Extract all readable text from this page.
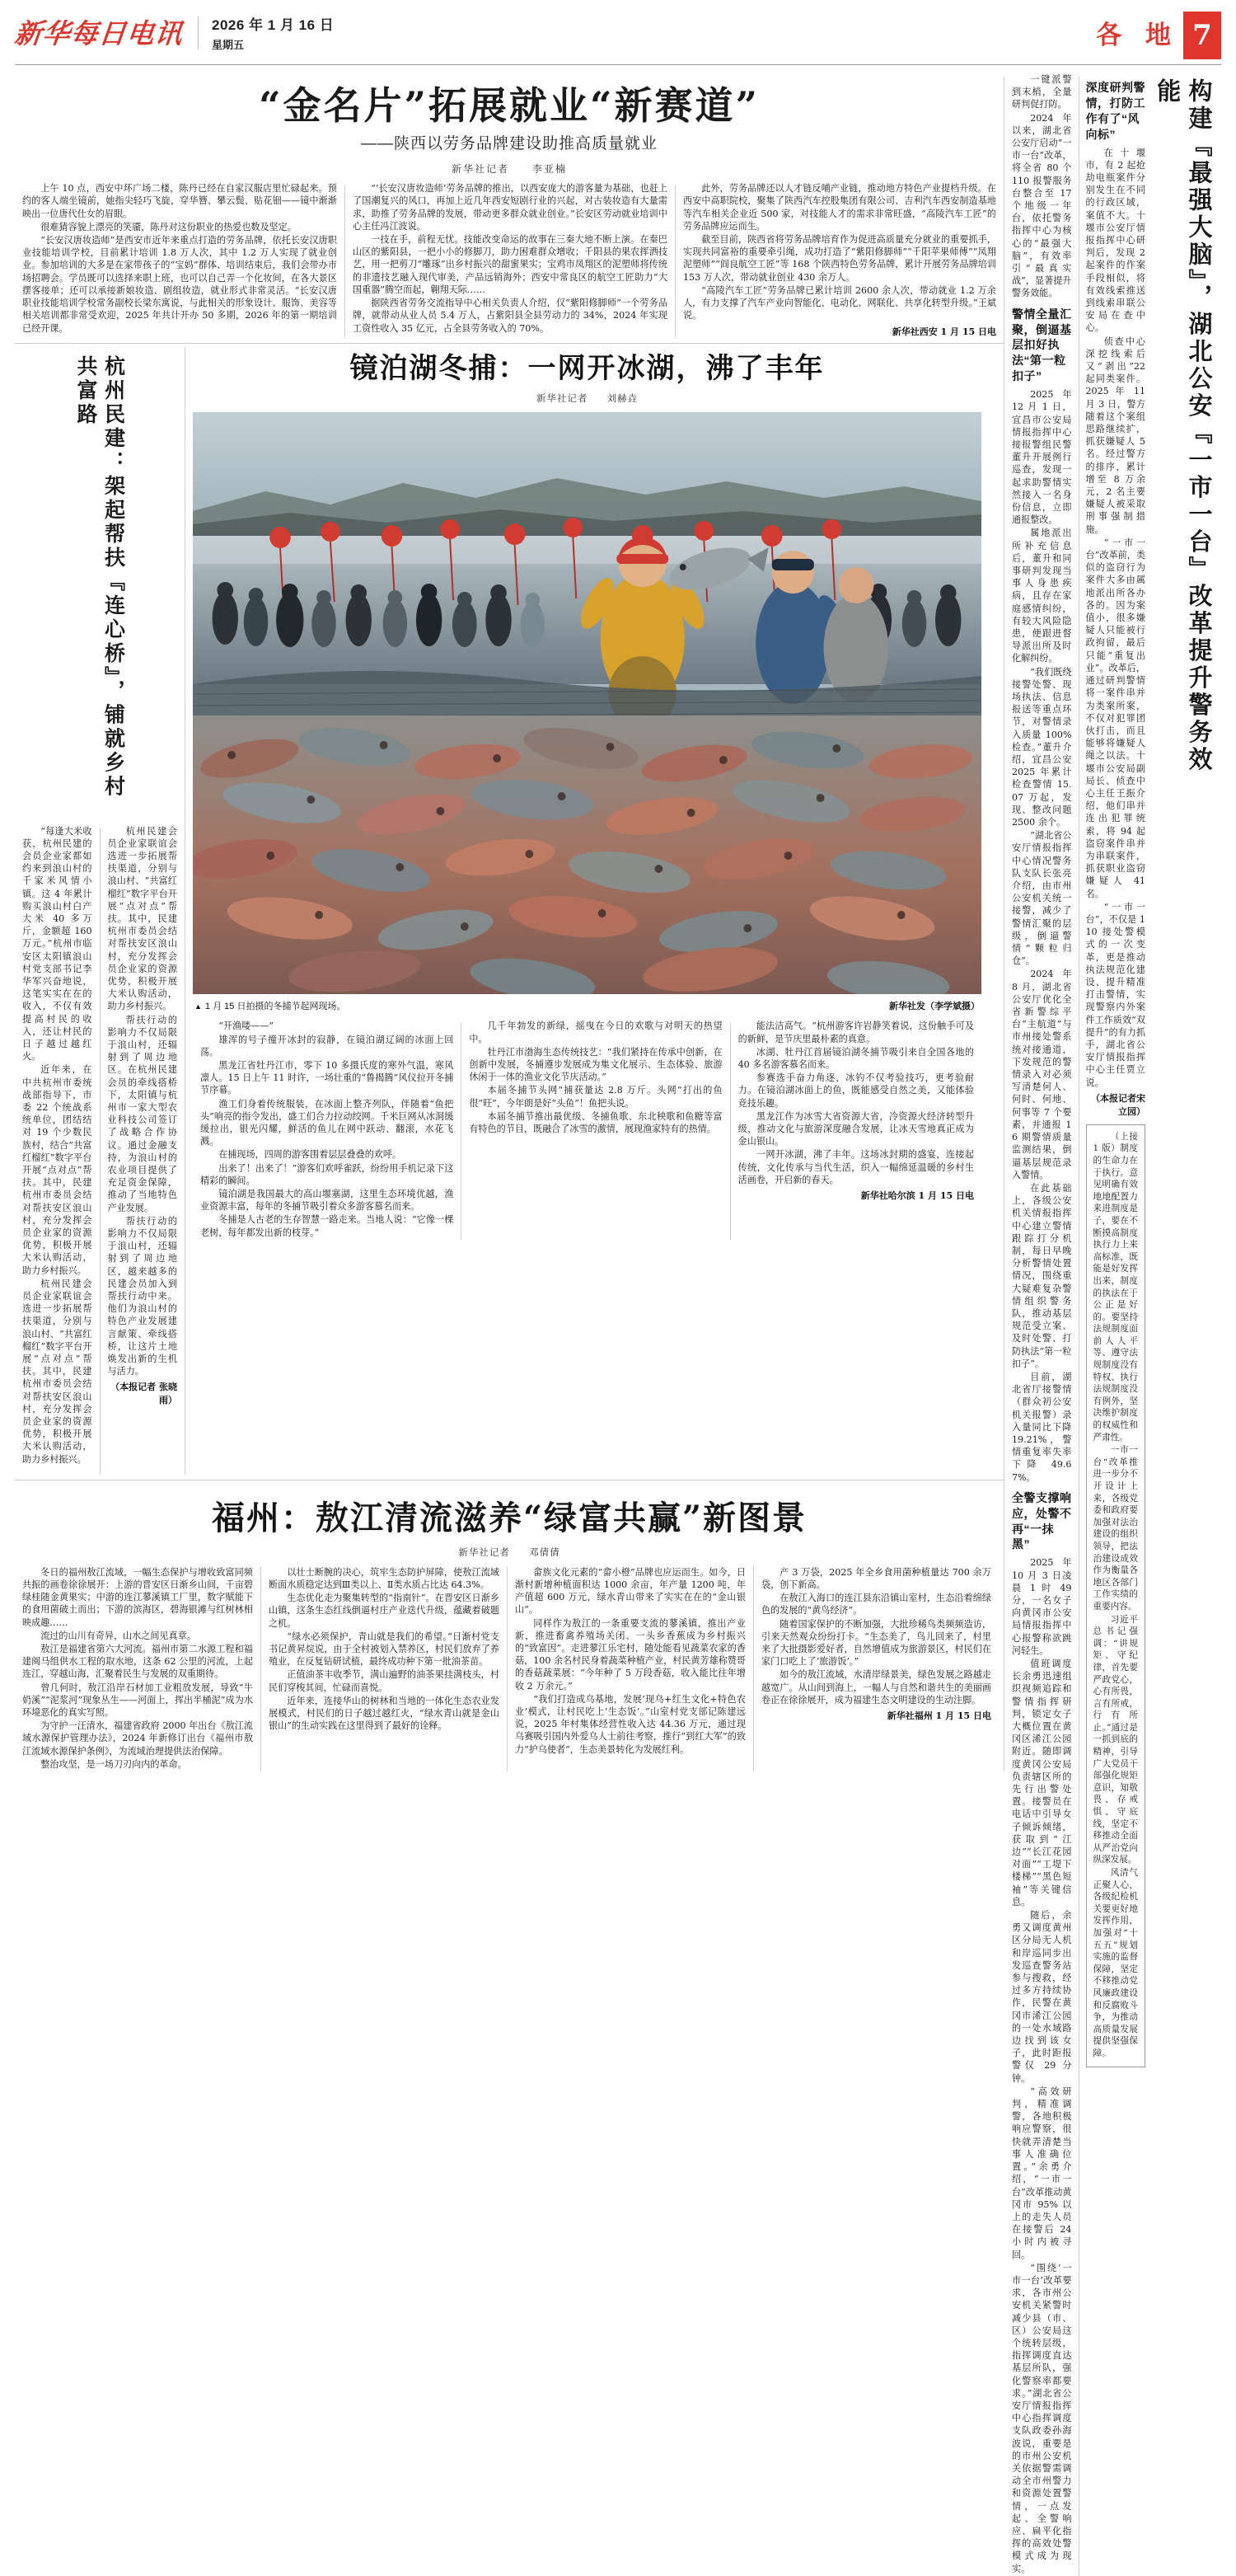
新华每日电讯 2026 年 1 月 16 日
星期五	各 地 7
“金名片”拓展就业“新赛道”
——陕西以劳务品牌建设助推高质量就业
新华社记者 李亚楠

上午 10 点，西安中环广场二楼，陈丹已经在自家汉服店里忙碌起来。预约的客人端坐镜前，她指尖轻巧飞旋，穿华簪、攀云鬓、贴花钿——镜中渐渐映出一位唐代仕女的眉眼。

很难猜容貌上漂亮的笑靥，陈丹对这份职业的热爱也数及坚定。

“长安汉唐妆造师”是西安市近年来重点打造的劳务品牌，依托长安汉唐职业技能培训学校，目前累计培训 1.8 万人次，其中 1.2 万人实现了就业创业。参加培训的大多是在家带孩子的“宝妈”群体、培训结束后，我们会带办市场招聘会。学员既可以选择来职上班，也可以自己弄一个化妆间，在各大景区摆客接单；还可以承接新娘妆造、剧组妆造，就业形式非常灵活。“长安汉唐职业技能培训学校常务副校长梁东寓说，与此相关的形象设计、服饰、美容等相关培训都非常受欢迎，2025 年共计开办 50 多期，2026 年的第一期培训已经开课。

“‘长安汉唐妆造师’劳务品牌的推出，以西安庞大的游客量为基础，也赶上了国潮复兴的风口，再加上近几年西安短剧行业的兴起，对古装妆造有大量需求，助推了劳务品牌的发展，带动更多群众就业创业。”长安区劳动就业培训中心主任冯江波说。

一技在手，前程无忧。技能改变命运的故事在三秦大地不断上演。在秦巴山区的紫阳县，一把小小的修脚刀，助力困难群众增收；千阳县的果农挥洒技艺，用一把剪刀“雕琢”出乡村振兴的甜蜜果实；宝鸡市凤翔区的泥塑师将传统的非遗技艺融入现代审美，产品远销海外；西安中常良区的航空工匠助力“大国重器”腾空而起，翱翔天际……

据陕西省劳务交流指导中心相关负责人介绍，仅“紫阳修脚师”一个劳务品牌，就带动从业人员 5.4 万人，占紫阳县全县劳动力的 34%，2024 年实现工资性收入 35 亿元，占全县劳务收入的 70%。

此外，劳务品牌还以人才链反哺产业链，推动地方特色产业提档升级。在西安中高职院校，聚集了陕西汽车控股集团有限公司、吉利汽车西安制造基地等汽车相关企业近 500 家，对技能人才的需求非常旺盛，“高陵汽车工匠”的劳务品牌应运而生。

截至目前，陕西省将劳务品牌培育作为促进高质量充分就业的重要抓手，实现共同富裕的重要牵引绳，成功打造了“紫阳修脚师”“千阳苹果师傅”“凤翔泥塑师”“阎良航空工匠”等 168 个陕西特色劳务品牌，累计开展劳务品牌培训 153 万人次，带动就业创业 430 余万人。

“高陵汽车工匠”劳务品牌已累计培训 2600 余人次，带动就业 1.2 万余人，有力支撑了汽车产业向智能化、电动化、网联化、共享化转型升级。”王斌说。

新华社西安 1 月 15 日电
杭州民建：架起帮扶『连心桥』，铺就乡村共富路

“每逢大米收获，杭州民建的会员企业家都如约来到浪山村的千家米风情小镇。这 4 年累计购买浪山村白产大米 40 多万斤，金额超 160 万元。”杭州市临安区太阳镇浪山村党支部书记李华军兴奋地说，这笔实实在在的收入，不仅有效提高村民的收入，还让村民的日子越过越红火。

近年来，在中共杭州市委统战部指导下，市委 22 个统战系统单位，团结结对 19 个少数民族村，结合“共富红榴红”数字平台开展“点对点”帮扶。其中，民建杭州市委员会结对帮扶安区浪山村，充分发挥会员企业家的资源优势，积极开展大米认购活动，助力乡村振兴。

杭州民建会员企业家联谊会选进一步拓展帮扶渠道，分别与浪山村、“共富红榴红”数字平台开展“点对点”帮扶。其中，民建杭州市委员会结对帮扶安区浪山村，充分发挥会员企业家的资源优势，积极开展大米认购活动，助力乡村振兴。

杭州民建会员企业家联谊会选进一步拓展帮扶渠道，分别与浪山村、“共富红榴红”数字平台开展“点对点”帮扶。其中，民建杭州市委员会结对帮扶安区浪山村，充分发挥会员企业家的资源优势，积极开展大米认购活动，助力乡村振兴。

帮扶行动的影响力不仅局限于浪山村，还辐射到了周边地区。在杭州民建会员的牵线搭桥下，太阳镇与杭州市一家大型农业科技公司签订了战略合作协议。通过金融支持，为浪山村的农业项目提供了充足资金保障，推动了当地特色产业发展。

帮扶行动的影响力不仅局限于浪山村，还辐射到了周边地区，越来越多的民建会员加入到帮扶行动中来。他们为浪山村的特色产业发展建言献策、牵线搭桥，让这片土地焕发出新的生机与活力。

（本报记者 张晓雨）
镜泊湖冬捕：一网开冰湖，沸了丰年
新华社记者 刘赫垚
▲ 1 月 15 日拍摄的冬捕节起网现场。	新华社发（李学斌摄）

“开渔喽——”

雄浑的号子撞开冰封的寂静，在镜泊湖辽阔的冰面上回荡。

黑龙江省牡丹江市，零下 10 多摄氏度的寒外气温，寒风凛人。15 日上午 11 时许，一场壮重的“鲁揭腾”风仪拉开冬捕节序幕。

渔工们身着传统服装，在冰面上整齐列队，伴随着“鱼把头”响亮的指令发出，盛工们合力拉动绞网。千米巨网从冰洞缓缓拉出，银光闪耀，鲜活的鱼儿在网中跃动、翻滚，水花飞溅。

在捕现场，四周的游客围着层层叠叠的欢呼。

出来了！出来了！”游客们欢呼雀跃，纷纷用手机记录下这精彩的瞬间。

镜泊湖是我国最大的高山堰塞湖，这里生态环境优越，渔业资源丰富，每年的冬捕节吸引着众多游客慕名而来。

冬捕是人古老的生存智慧一路走来。当地人说：“它像一棵老树，每年都发出新的枝芽。”

几千年勃发的新绿，摇曳在今日的欢歌与对明天的热望中。

牡丹江市渤海生态传统技艺：“我们紧持在传承中创新，在创新中发展，冬捕遵步发展成为集文化展示、生态体验、旅游休闲于一体的渔业文化节庆活动。”

本届冬捕节头网“捕获量达 2.8 万斤。头网”打出的鱼很“旺”，今年朗是好“头鱼”！鱼把头说。

本届冬捕节推出最优级、冬捕鱼歌、东北秧歌和鱼糖等富有特色的节目，既融合了冰雪的激情，展现渔家特有的热情。

能法洁高气。“杭州游客许岩静笑着说，这份触手可及的新鲜，是节庆里最朴素的真意。

冰湖、牡丹江首届镜泊湖冬捕节吸引来自全国各地的 40 多名游客慕名而来。

参赛选手奋力角逐，冰钓不仅考验技巧，更考验耐力。在镜泊湖冰面上的鱼，既能感受自然之美，又能体验竞技乐趣。

黑龙江作为冰雪大省资源大省，冷资源火经济转型升级，推动文化与旅游深度融合发展，让冰天雪地真正成为金山银山。

一网开冰湖，沸了丰年。这场冰封期的盛宴，连接起传统，文化传承与当代生活，织入一幅绵延温暖的乡村生活画卷，开启新的春天。

新华社哈尔滨 1 月 15 日电
福州：敖江清流滋养“绿富共赢”新图景
新华社记者 邓倩倩

冬日的福州敖江流域，一幅生态保护与增收致富同频共振的画卷徐徐展开：上游的晋安区日渐乡山间，千亩碧绿桂随金黄果实；中游的连江蓼溪镇工厂里，数字赋能下的食用菌破土而出；下游的滨海区，碧海银滩与红树林相映成趣……

流过的山川有奇异，山水之间见真章。

敖江是福建省第六大河流。福州市第二水源工程和福建闽马组供水工程的取水地，这条 62 公里的河流，上起连江，穿越山海，汇聚着民生与发展的双重期待。

曾几何时，敖江沿岸石材加工业粗放发展，导致“牛奶溪”“泥浆河”现象丛生——河面上，挥出半桶泥“成为水环境恶化的真实写照。

为守护一汪清水，福建省政府 2000 年出台《敖江流域水源保护管理办法》，2024 年新修订出台《福州市敖江流域水源保护条例》，为流域治理提供法治保障。

整治攻坚，是一场刀刃向内的革命。

以壮士断腕的决心，筑牢生态防护屏障，使敖江流域断面水质稳定达到Ⅲ类以上、Ⅱ类水质占比达 64.3%。

生态优化走为聚集转型的“指南针”。在晋安区日渐乡山镇，这条生态红线倒逼村庄产业迭代升级，蕴藏着破题之机。

“绿水必须保护，青山就是我们的希望。”日渐村党支书记黄昇烷说，由于全村被划入禁养区，村民们放弃了养殖业，在反复钻研试植，最终成功种下第一批油茶苗。

正值油茶丰收季节，满山遍野的油茶果挂满枝头，村民们穿梭其间，忙碌而喜悦。

近年来，连接华山的树林和当地的一体化生态农业发展模式，村民们的日子越过越红火，“绿水青山就是金山银山”的生动实践在这里得到了最好的诠释。

畲族文化元素的“畲小橙”品牌也应运而生。如今，日渐村新增种植面积达 1000 余亩，年产量 1200 吨，年产值超 600 万元，绿水青山带来了实实在在的“金山银山”。

同样作为敖江的一条重要支流的蓼溪镇，推出产业新，推进畜禽养殖场关闭、一头乡香蕉成为乡村振兴的“致富因”。走进蓼江乐宅村，随处能看见蔬菜农家的香菇，100 余名村民身着蔬菜种植产业，村民黄芳雄称赞哥的香菇蔬菜展：“今年种了 5 万段香菇，收入能比往年增收 2 万余元。”

“我们打造成乌基地，发展‘现乌+红生文化+特色农业’模式，让村民吃上‘生态饭’。”山室村党支部记陈建远说，2025 年村集体经营性收入达 44.36 万元，通过现乌赛吸引国内外爱乌人士前往考察，推行“到红大军”的致力“护乌使者”，生态美景转化为发展红利。

产 3 万袋，2025 年全乡食用菌种植量达 700 余万袋，创下新高。

在敖江入海口的连江县东沿镇山室村，生态沿着绵绿色的发展的“黄鸟经济”。

随着国家保护的不断加强，大批珍稀鸟类频频造访，引来天然观众纷纷打卡。“生态美了，鸟儿回来了，村里来了大批摄影爱好者，自然增值成为旅游景区，村民们在家门口吃上了‘旅游饭’。”

如今的敖江流域，水清岸绿景美，绿色发展之路越走越宽广。从山间到海上，一幅人与自然和谐共生的美丽画卷正在徐徐展开，成为福建生态文明建设的生动注脚。

新华社福州 1 月 15 日电

一键派警到末梢，全量研判促打防。

2024 年以来，湖北省公安厅启动“一市一台”改革，将全省 80 个 110 报警服务台整合至 17 个地级一年台，依托警务指挥中心为核心的“最强大脑”，有效率引“最真实战”，显著提升警务效能。

警情全量汇聚，倒逼基层扣好执法“第一粒扣子”

2025 年 12 月 1 日，宜昌市公安局情报指挥中心接报警组民警董升开展例行巡查，发现一起求助警情实然接入一名身份信息，立即通报整改。

属地派出所补充信息后，董升和同事研判发现当事人身患疾病，且存在家庭感情纠纷，有较大风险隐患，便跟进督导派出所及时化解纠纷。

“我们既绕接警处警、现场执法、信息报送等重点环节，对警情录入质量 100% 检查。”董升介绍，宜昌公安 2025 年累计检查警情 15.07 万起，发现、整改问题 2500 余个。

“湖北省公安厅情报指挥中心情况警务队支队长张亮介绍，由市州公安机关统一接警，减少了警情汇聚的层级，倒逼警情“颗粒归仓”。

2024 年 8 月，湖北省公安厅优化全省新警综平台“主航道”与市州接处警系统对接通道，下发规范的警情录入对必须写清楚何人、何时、何地、何事等 7 个要素，并通报 16 期警情质量监测结果，倒逼基层规范录入警情。

在此基础上，各级公安机关情报指挥中心建立警情跟踪打分机制，每日早晚分析警情处置情况，围绕重大疑难复杂警情组织警务队，推动基层规范受立案、及时处警、打防执法“第一粒扣子”。

目前，湖北省厅接警情（群众初公安机关报警）录入量同比下降 19.21%，警情重复率失率下降 49.67%。

全警支撑响应，处警不再“一抹黑”

2025 年 10 月 3 日凌晨 1 时 49 分，一名女子向黄冈市公安局情报指挥中心报警称欲跳河轻生。

值班调度长余勇迅速组织视频追踪和警情指挥研判，锁定女子大概位置在黄冈区浠江公园附近。随即调度黄冈公安局负责辖区所的先行出警处置。接警员在电话中引导女子倾诉倾绪，获取到“江边”“长江花园对面”“工堤下楼梯”“黑色短袖”等关键信息。

随后，余勇又调度黄州区分局无人机和岸巡同步出发巡查警务站参与搜救，经过多方持续协作，民警在黄冈市浠江公园的一处水域路边找到该女子，此时距报警仅 29 分钟。

“高效研判，精准调警，各地积极响应警察，很快就弄清楚当事人准确位置。”余勇介绍，“一市一台”改革推动黄冈市 95% 以上的走失人员在接警后 24 小时内被寻回。

“围绕‘一市一台’改革要求，各市州公安机关紧警时减少县（市、区）公安局这个统转层级，指挥调度直达基层所队，强化警察率都要求。”湖北省公安厅情报指挥中心指挥调度支队政委孙海波说，重要是的市州公安机关依据警需调动全市州警力和资源处置警情，一点发起、全警响应、扁平化指挥的高效处警模式成为现实。

深度研判警情，打防工作有了“风向标”

在十堰市，有 2 起抢劫电瓶案件分别发生在不同的行政区域，案值不大。十堰市公安厅情报指挥中心研判后，发现 2 起案件的作案手段相似，将有效线索推送到线索串联公安局在查中心。

侦查中心深挖线索后又“剥出”22 起同类案件。2025 年 11 月 3 日，警方随着这个案组思路继续扩，抓获嫌疑人 5 名。经过警方的排序，累计增至 8 万余元，2 名主要嫌疑人被采取刑事强制措施。

“一市一台”改革前，类似的盗窃行为案件大多由属地派出所各办各的。因为案值小，很多嫌疑人只能被行政拘留，最后只能“重复出业”。改革后，通过研判警情将一案件串并为类案所案，不仅对犯罪团伙打击，而且能够将嫌疑人绳之以法。十堰市公安局副局长、侦查中心主任王振介绍，他们串并连出犯罪统索，将 94 起盗窃案件串并为串联案件，抓获职业盗窃嫌疑人 41 名。

“一市一台”，不仅是 110 接处警模式的一次变革，更是推动执法规范化建设、提升精准打击警情，实现警察内外案件工作质效“双提升”的有力抓手，湖北省公安厅情报指挥中心主任贾立说。

（本报记者宋立园）

（上接 1 版）制度的生命力在于执行。意见明确有效地地配置力来进制度是子，要在不断摸高制度执行力上来高标准，既能是好发挥出来，制度的执法在于公正是好的。要坚持法规制度面前人人平等、遵守法规制度没有特权、执行法规制度没有例外，坚决维护制度的权威性和严肃性。

一市一台“改革推进一步分不开设计上来，各级党委和政府要加强对法治建设的组织领导，把法治建设成效作为衡量各地区各部门工作实绩的重要内容。

习近平总书记强调：“讲规矩、守纪律，首先要严政党心，心有所畏，言有所戒，行有所止。”通过是一抓到底的精神，引导广大党员干部强化规矩意识，知敬畏、存戒惧、守底线，坚定不移推动全面从严治党向纵深发展。

风清气正聚人心，各级纪检机关要更好地发挥作用，加强对“十五五”规划实施的监督保障，坚定不移推动党风廉政建设和反腐败斗争，为推动高质量发展提供坚强保障。

构建『最强大脑』，湖北公安『一市一台』改革提升警务效能
